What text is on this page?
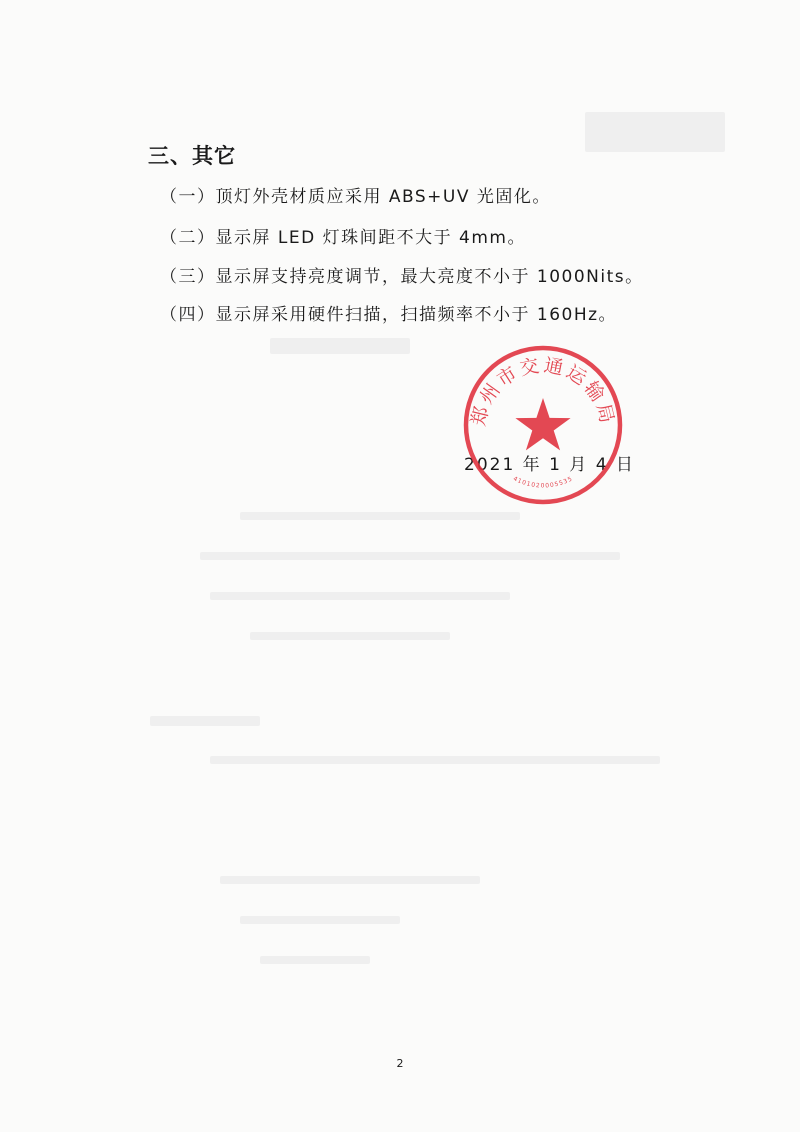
三、其它
（一）顶灯外壳材质应采用 ABS+UV 光固化。
（二）显示屏 LED 灯珠间距不大于 4mm。
（三）显示屏支持亮度调节，最大亮度不小于 1000Nits。
（四）显示屏采用硬件扫描，扫描频率不小于 160Hz。
2021 年 1 月 4 日
郑州市交通运输局
4101020005535
2
